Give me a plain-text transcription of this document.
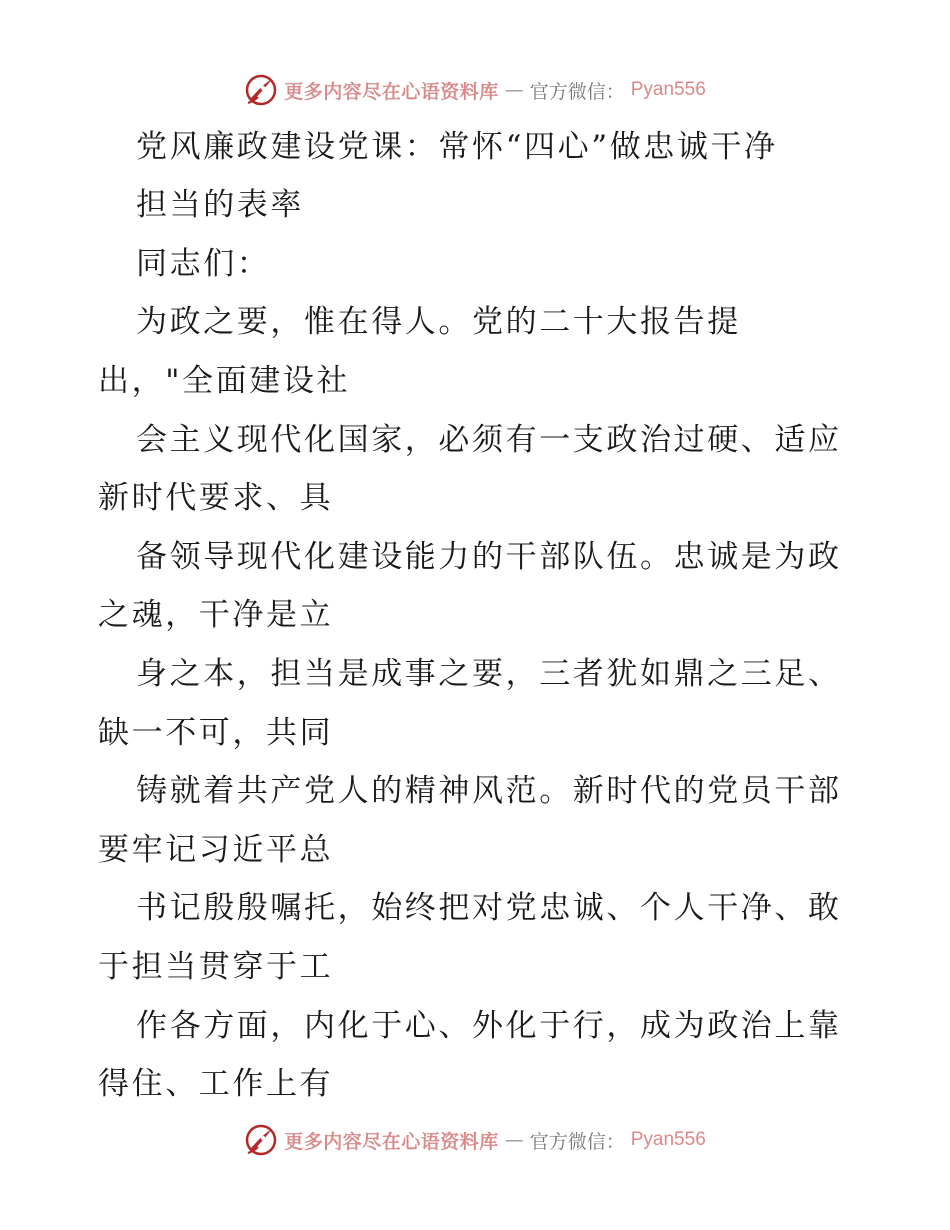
更多内容尽在心语资料库 — 官方微信： Pyan556
党风廉政建设党课：常怀“四心”做忠诚干净
担当的表率
同志们：
为政之要，惟在得人。党的二十大报告提
出，"全面建设社
会主义现代化国家，必须有一支政治过硬、适应
新时代要求、具
备领导现代化建设能力的干部队伍。忠诚是为政
之魂，干净是立
身之本，担当是成事之要，三者犹如鼎之三足、
缺一不可，共同
铸就着共产党人的精神风范。新时代的党员干部
要牢记习近平总
书记殷殷嘱托，始终把对党忠诚、个人干净、敢
于担当贯穿于工
作各方面，内化于心、外化于行，成为政治上靠
得住、工作上有
更多内容尽在心语资料库 — 官方微信： Pyan556
